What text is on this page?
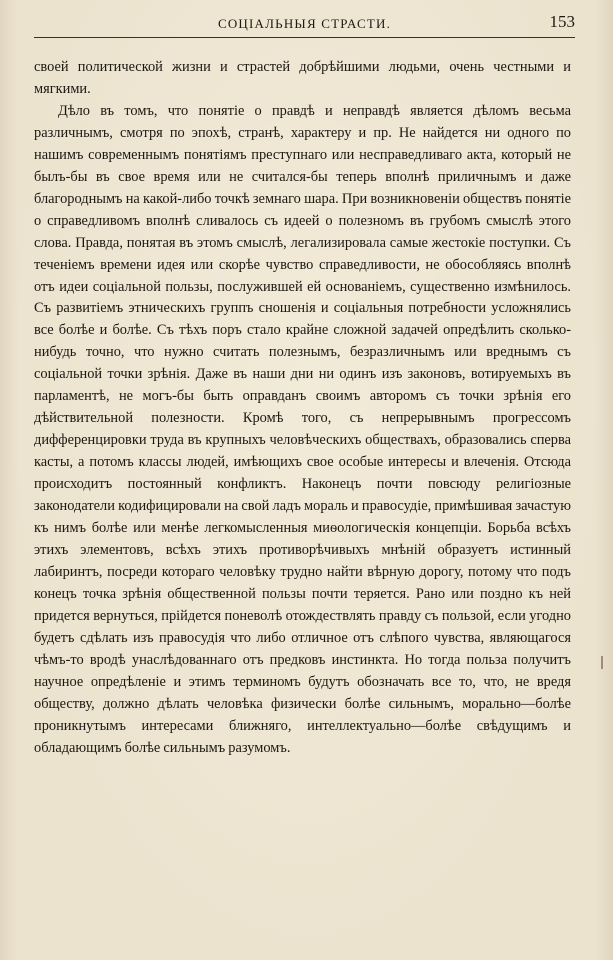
СОЦІАЛЬНЫЯ СТРАСТИ.	153

своей политической жизни и страстей добрѣйшими людьми, очень честными и мягкими.

Дѣло въ томъ, что понятіе о правдѣ и неправдѣ является дѣломъ весьма различнымъ, смотря по эпохѣ, странѣ, характеру и пр. Не найдется ни одного по нашимъ современнымъ понятіямъ преступнаго или несправедливаго акта, который не былъ-бы въ свое время или не считался-бы теперь вполнѣ приличнымъ и даже благороднымъ на какой-либо точкѣ земнаго шара. При возникновеніи обществъ понятіе о справедливомъ вполнѣ сливалось съ идеей о полезномъ въ грубомъ смыслѣ этого слова. Правда, понятая въ этомъ смыслѣ, легализировала самые жестокіе поступки. Съ теченіемъ времени идея или скорѣе чувство справедливости, не обособляясь вполнѣ отъ идеи соціальной пользы, послужившей ей основаніемъ, существенно измѣнилось. Съ развитіемъ этническихъ группъ сношенія и соціальныя потребности усложнялись все болѣе и болѣе. Съ тѣхъ поръ стало крайне сложной задачей опредѣлить сколько-нибудь точно, что нужно считать полезнымъ, безразличнымъ или вреднымъ съ соціальной точки зрѣнія. Даже въ наши дни ни одинъ изъ законовъ, вотируемыхъ въ парламентѣ, не могъ-бы быть оправданъ своимъ авторомъ съ точки зрѣнія его дѣйствительной полезности. Кромѣ того, съ непрерывнымъ прогрессомъ дифференцировки труда въ крупныхъ человѣческихъ обществахъ, образовались сперва касты, а потомъ классы людей, имѣющихъ свое особые интересы и влеченія. Отсюда происходитъ постоянный конфликтъ. Наконецъ почти повсюду религіозные законодатели кодифицировали на свой ладъ мораль и правосудіе, примѣшивая зачастую къ нимъ болѣе или менѣе легкомысленныя миѳологическія концепціи. Борьба всѣхъ этихъ элементовъ, всѣхъ этихъ противорѣчивыхъ мнѣній образуетъ истинный лабиринтъ, посреди котораго человѣку трудно найти вѣрную дорогу, потому что подъ конецъ точка зрѣнія общественной пользы почти теряется. Рано или поздно къ ней придется вернуться, прійдется поневолѣ отождествлять правду съ пользой, если угодно будетъ сдѣлать изъ правосудія что либо отличное отъ слѣпого чувства, являющагося чѣмъ-то вродѣ унаслѣдованнаго отъ предковъ инстинкта. Но тогда польза получитъ научное опредѣленіе и этимъ терминомъ будутъ обозначать все то, что, не вредя обществу, должно дѣлать человѣка физически болѣе сильнымъ, морально—болѣе проникнутымъ интересами ближняго, интеллектуально—болѣе свѣдущимъ и обладающимъ болѣе сильнымъ разумомъ.
